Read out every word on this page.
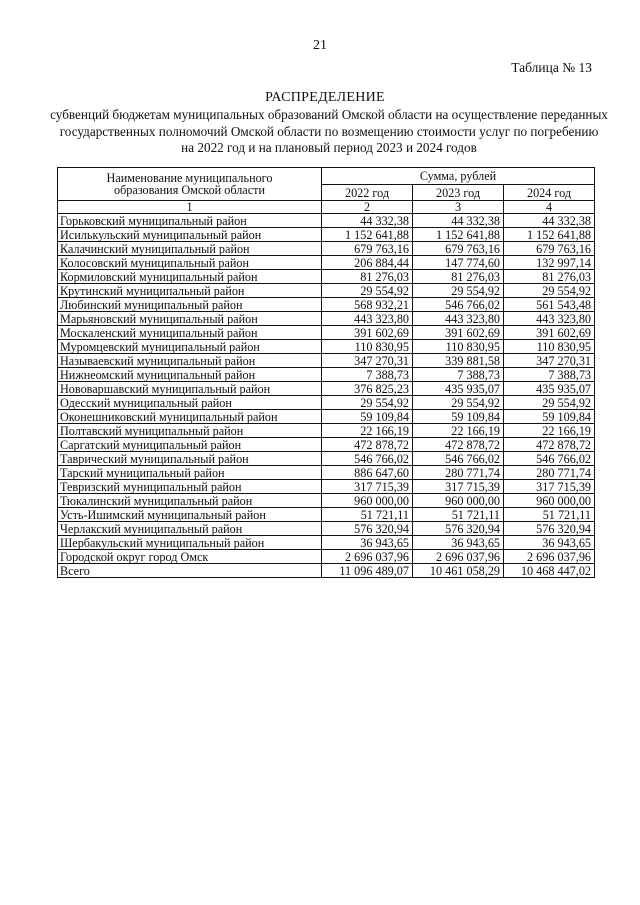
21
Таблица № 13
РАСПРЕДЕЛЕНИЕ
субвенций бюджетам муниципальных образований Омской области на осуществление переданных
государственных полномочий Омской области по возмещению стоимости услуг по погребению
на 2022 год и на плановый период 2023 и 2024 годов
Наименование муниципального
образования Омской области	Сумма, рублей		
	2022 год	2023 год	2024 год
1	2	3	4
Горьковский муниципальный район	44 332,38	44 332,38	44 332,38
Исилькульский муниципальный район	1 152 641,88	1 152 641,88	1 152 641,88
Калачинский муниципальный район	679 763,16	679 763,16	679 763,16
Колосовский муниципальный район	206 884,44	147 774,60	132 997,14
Кормиловский муниципальный район	81 276,03	81 276,03	81 276,03
Крутинский муниципальный район	29 554,92	29 554,92	29 554,92
Любинский муниципальный район	568 932,21	546 766,02	561 543,48
Марьяновский муниципальный район	443 323,80	443 323,80	443 323,80
Москаленский муниципальный район	391 602,69	391 602,69	391 602,69
Муромцевский муниципальный район	110 830,95	110 830,95	110 830,95
Называевский муниципальный район	347 270,31	339 881,58	347 270,31
Нижнеомский муниципальный район	7 388,73	7 388,73	7 388,73
Нововаршавский муниципальный район	376 825,23	435 935,07	435 935,07
Одесский муниципальный район	29 554,92	29 554,92	29 554,92
Оконешниковский муниципальный район	59 109,84	59 109,84	59 109,84
Полтавский муниципальный район	22 166,19	22 166,19	22 166,19
Саргатский муниципальный район	472 878,72	472 878,72	472 878,72
Таврический муниципальный район	546 766,02	546 766,02	546 766,02
Тарский муниципальный район	886 647,60	280 771,74	280 771,74
Тевризский муниципальный район	317 715,39	317 715,39	317 715,39
Тюкалинский муниципальный район	960 000,00	960 000,00	960 000,00
Усть-Ишимский муниципальный район	51 721,11	51 721,11	51 721,11
Черлакский муниципальный район	576 320,94	576 320,94	576 320,94
Шербакульский муниципальный район	36 943,65	36 943,65	36 943,65
Городской округ город Омск	2 696 037,96	2 696 037,96	2 696 037,96
Всего	11 096 489,07	10 461 058,29	10 468 447,02
